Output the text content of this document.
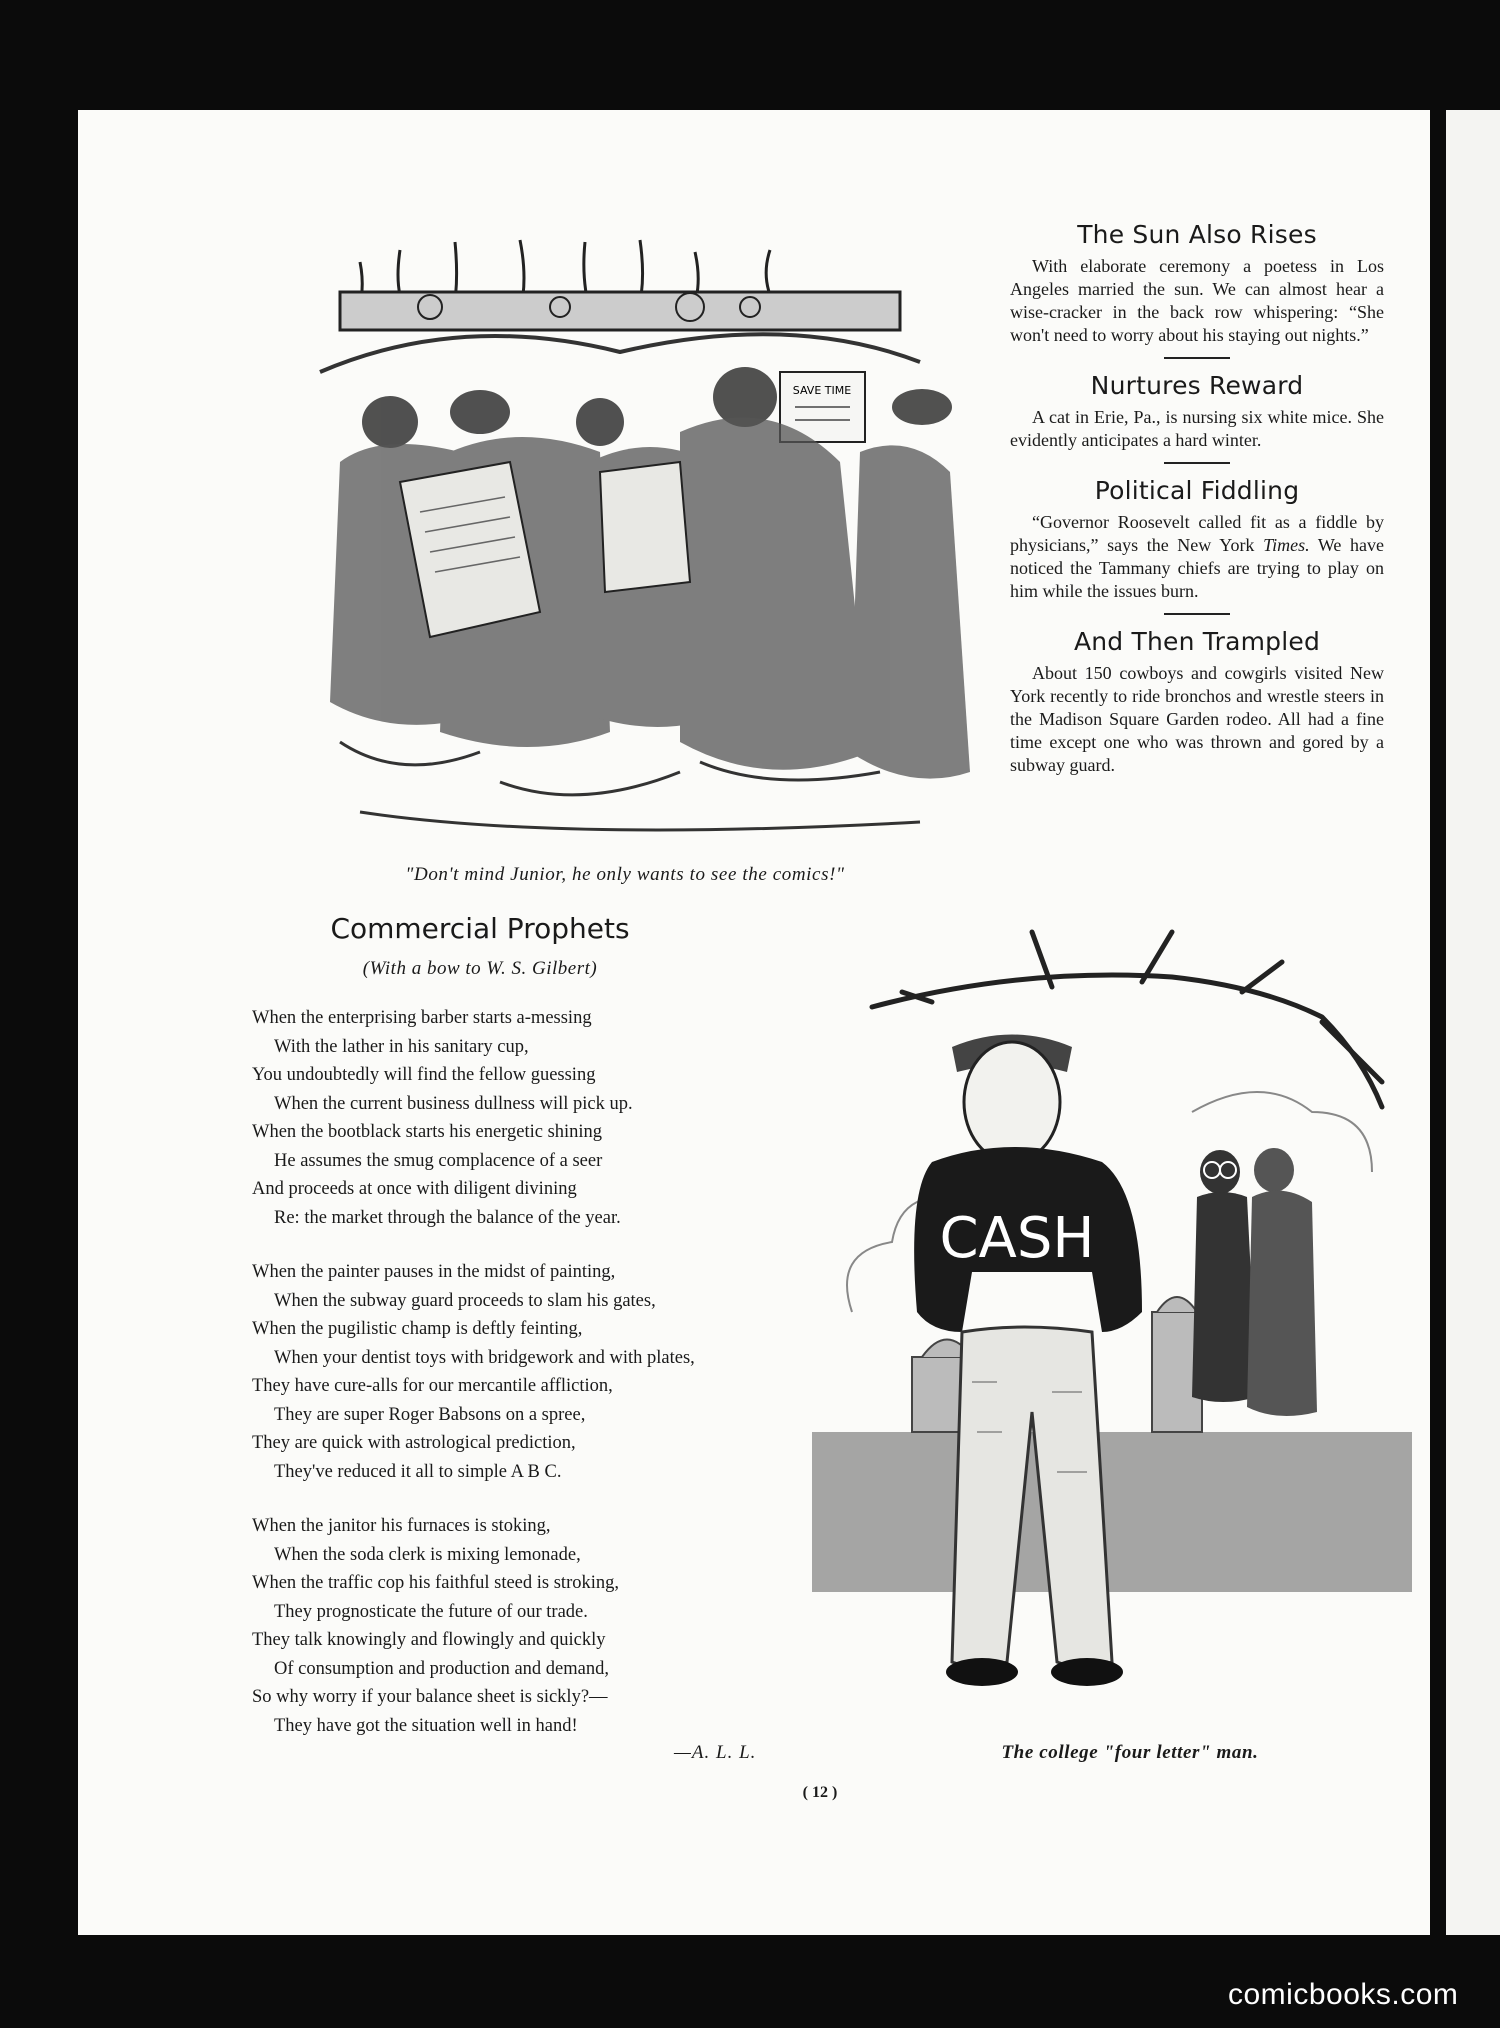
SAVE TIME
"Don't mind Junior, he only wants to see the comics!"
The Sun Also Rises

With elaborate ceremony a poetess in Los Angeles married the sun. We can almost hear a wise-cracker in the back row whispering: “She won't need to worry about his staying out nights.”

Nurtures Reward

A cat in Erie, Pa., is nursing six white mice. She evidently anticipates a hard winter.

Political Fiddling

“Governor Roosevelt called fit as a fiddle by physicians,” says the New York Times. We have noticed the Tammany chiefs are trying to play on him while the issues burn.

And Then Trampled

About 150 cowboys and cowgirls visited New York recently to ride bronchos and wrestle steers in the Madison Square Garden rodeo. All had a fine time except one who was thrown and gored by a subway guard.

Commercial Prophets
(With a bow to W. S. Gilbert)
When the enterprising barber starts a-messing
With the lather in his sanitary cup,
You undoubtedly will find the fellow guessing
When the current business dullness will pick up.
When the bootblack starts his energetic shining
He assumes the smug complacence of a seer
And proceeds at once with diligent divining
Re: the market through the balance of the year.
When the painter pauses in the midst of painting,
When the subway guard proceeds to slam his gates,
When the pugilistic champ is deftly feinting,
When your dentist toys with bridgework and with plates,
They have cure-alls for our mercantile affliction,
They are super Roger Babsons on a spree,
They are quick with astrological prediction,
They've reduced it all to simple A B C.
When the janitor his furnaces is stoking,
When the soda clerk is mixing lemonade,
When the traffic cop his faithful steed is stroking,
They prognosticate the future of our trade.
They talk knowingly and flowingly and quickly
Of consumption and production and demand,
So why worry if your balance sheet is sickly?—
They have got the situation well in hand!
—A. L. L.
CASH
The college "four letter" man.
( 12 )
comicbooks.com
